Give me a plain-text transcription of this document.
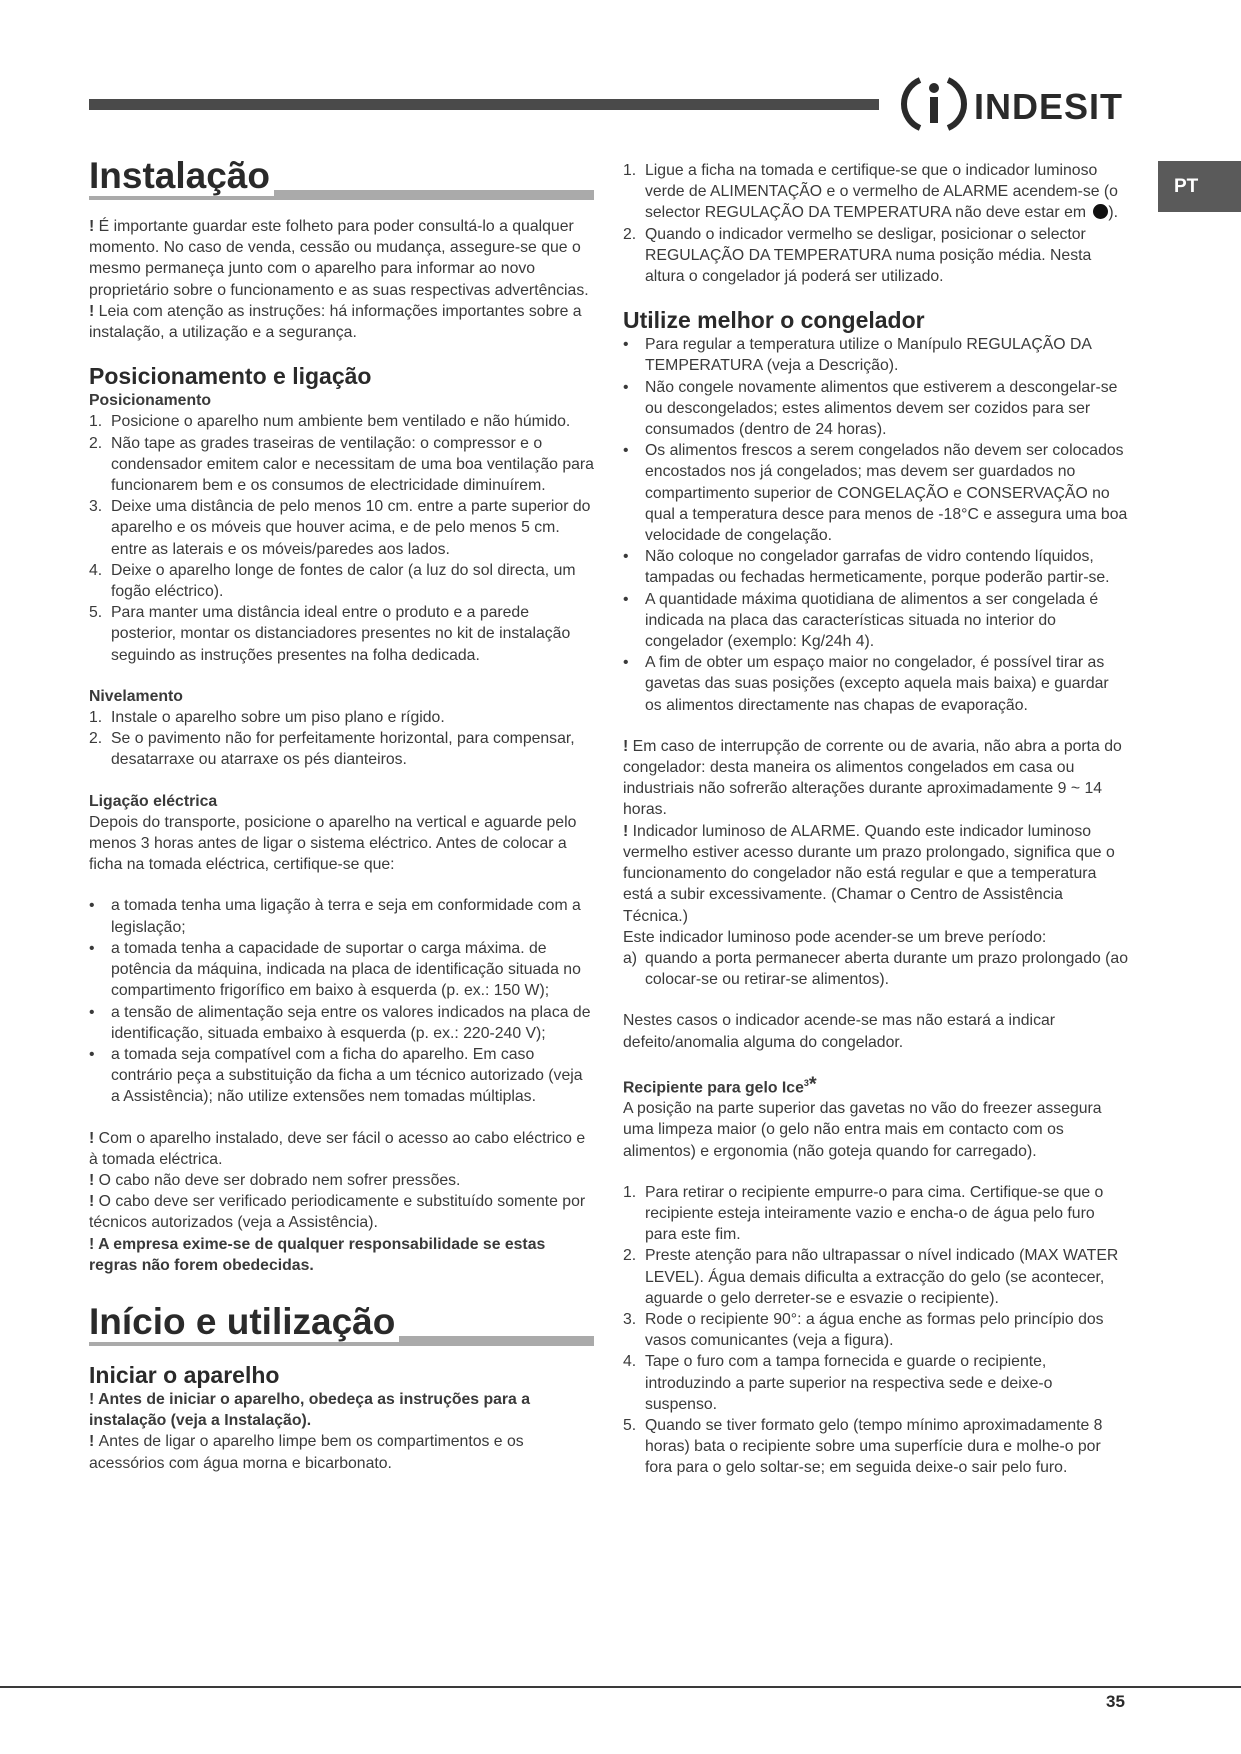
INDESIT
PT
Instalação

! É importante guardar este folheto para poder consultá-lo a qualquer momento. No caso de venda, cessão ou mudança, assegure-se que o mesmo permaneça junto com o aparelho para informar ao novo proprietário sobre o funcionamento e as suas respectivas advertências.

! Leia com atenção as instruções: há informações importantes sobre a instalação, a utilização e a segurança.

Posicionamento e ligação

Posicionamento

1. Posicione o aparelho num ambiente bem ventilado e não húmido.
2. Não tape as grades traseiras de ventilação: o compressor e o condensador emitem calor e necessitam de uma boa ventilação para funcionarem bem e os consumos de electricidade diminuírem.
3. Deixe uma distância de pelo menos 10 cm. entre a parte superior do aparelho e os móveis que houver acima, e de pelo menos 5 cm. entre as laterais e os móveis/paredes aos lados.
4. Deixe o aparelho longe de fontes de calor (a luz do sol directa, um fogão eléctrico).
5. Para manter uma distância ideal entre o produto e a parede posterior, montar os distanciadores presentes no kit de instalação seguindo as instruções presentes na folha dedicada.

Nivelamento

1. Instale o aparelho sobre um piso plano e rígido.
2. Se o pavimento não for perfeitamente horizontal, para compensar, desatarraxe ou atarraxe os pés dianteiros.

Ligação eléctrica

Depois do transporte, posicione o aparelho na vertical e aguarde pelo menos 3 horas antes de ligar o sistema eléctrico. Antes de colocar a ficha na tomada eléctrica, certifique-se que:

• a tomada tenha uma ligação à terra e seja em conformidade com a legislação;
• a tomada tenha a capacidade de suportar o carga máxima. de potência da máquina, indicada na placa de identificação situada no compartimento frigorífico em baixo à esquerda (p. ex.: 150 W);
• a tensão de alimentação seja entre os valores indicados na placa de identificação, situada embaixo à esquerda (p. ex.: 220-240 V);
• a tomada seja compatível com a ficha do aparelho. Em caso contrário peça a substituição da ficha a um técnico autorizado (veja a Assistência); não utilize extensões nem tomadas múltiplas.

! Com o aparelho instalado, deve ser fácil o acesso ao cabo eléctrico e à tomada eléctrica.

! O cabo não deve ser dobrado nem sofrer pressões.

! O cabo deve ser verificado periodicamente e substituído somente por técnicos autorizados (veja a Assistência).

! A empresa exime-se de qualquer responsabilidade se estas regras não forem obedecidas.

Início e utilização

Iniciar o aparelho

! Antes de iniciar o aparelho, obedeça as instruções para a instalação (veja a Instalação).

! Antes de ligar o aparelho limpe bem os compartimentos e os acessórios com água morna e bicarbonato.

1. Ligue a ficha na tomada e certifique-se que o indicador luminoso verde de ALIMENTAÇÃO e o vermelho de ALARME acendem-se (o selector REGULAÇÃO DA TEMPERATURA não deve estar em ).
2. Quando o indicador vermelho se desligar, posicionar o selector REGULAÇÃO DA TEMPERATURA numa posição média. Nesta altura o congelador já poderá ser utilizado.

Utilize melhor o congelador

• Para regular a temperatura utilize o Manípulo REGULAÇÃO DA TEMPERATURA (veja a Descrição).
• Não congele novamente alimentos que estiverem a descongelar-se ou descongelados; estes alimentos devem ser cozidos para ser consumados (dentro de 24 horas).
• Os alimentos frescos a serem congelados não devem ser colocados encostados nos já congelados; mas devem ser guardados no compartimento superior de CONGELAÇÃO e CONSERVAÇÃO no qual a temperatura desce para menos de -18°C e assegura uma boa velocidade de congelação.
• Não coloque no congelador garrafas de vidro contendo líquidos, tampadas ou fechadas hermeticamente, porque poderão partir-se.
• A quantidade máxima quotidiana de alimentos a ser congelada é indicada na placa das características situada no interior do congelador (exemplo: Kg/24h 4).
• A fim de obter um espaço maior no congelador, é possível tirar as gavetas das suas posições (excepto aquela mais baixa) e guardar os alimentos directamente nas chapas de evaporação.

! Em caso de interrupção de corrente ou de avaria, não abra a porta do congelador: desta maneira os alimentos congelados em casa ou industriais não sofrerão alterações durante aproximadamente 9 ~ 14 horas.

! Indicador luminoso de ALARME. Quando este indicador luminoso vermelho estiver acesso durante um prazo prolongado, significa que o funcionamento do congelador não está regular e que a temperatura está a subir excessivamente. (Chamar o Centro de Assistência Técnica.)

Este indicador luminoso pode acender-se um breve período:

a) quando a porta permanecer aberta durante um prazo prolongado (ao colocar-se ou retirar-se alimentos).

Nestes casos o indicador acende-se mas não estará a indicar defeito/anomalia alguma do congelador.

Recipiente para gelo Ice$^3$*

A posição na parte superior das gavetas no vão do freezer assegura uma limpeza maior (o gelo não entra mais em contacto com os alimentos) e ergonomia (não goteja quando for carregado).

1. Para retirar o recipiente empurre-o para cima. Certifique-se que o recipiente esteja inteiramente vazio e encha-o de água pelo furo para este fim.
2. Preste atenção para não ultrapassar o nível indicado (MAX WATER LEVEL). Água demais dificulta a extracção do gelo (se acontecer, aguarde o gelo derreter-se e esvazie o recipiente).
3. Rode o recipiente 90°: a água enche as formas pelo princípio dos vasos comunicantes (veja a figura).
4. Tape o furo com a tampa fornecida e guarde o recipiente, introduzindo a parte superior na respectiva sede e deixe-o suspenso.
5. Quando se tiver formato gelo (tempo mínimo aproximadamente 8 horas) bata o recipiente sobre uma superfície dura e molhe-o por fora para o gelo soltar-se; em seguida deixe-o sair pelo furo.
35
